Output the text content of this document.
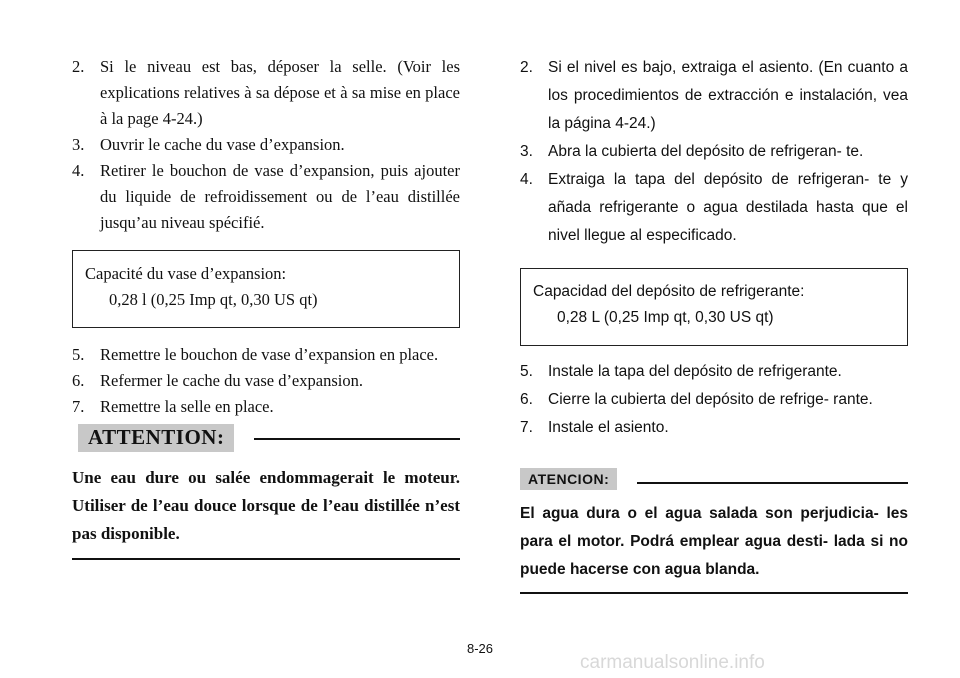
2. Si le niveau est bas, déposer la selle. (Voir les explications relatives à sa dépose et à sa mise en place à la page 4-24.)
3. Ouvrir le cache du vase d’expansion.
4. Retirer le bouchon de vase d’expansion, puis ajouter du liquide de refroidissement ou de l’eau distillée jusqu’au niveau spécifié.
Capacité du vase d’expansion:
0,28 l (0,25 Imp qt, 0,30 US qt)
5. Remettre le bouchon de vase d’expansion en place.
6. Refermer le cache du vase d’expansion.
7. Remettre la selle en place.
ATTENTION:
Une eau dure ou salée endommagerait le moteur. Utiliser de l’eau douce lorsque de l’eau distillée n’est pas disponible.
2. Si el nivel es bajo, extraiga el asiento. (En cuanto a los procedimientos de extracción e instalación, vea la página 4-24.)
3. Abra la cubierta del depósito de refrigeran- te.
4. Extraiga la tapa del depósito de refrigeran- te y añada refrigerante o agua destilada hasta que el nivel llegue al especificado.
Capacidad del depósito de refrigerante:
0,28 L (0,25 Imp qt, 0,30 US qt)
5. Instale la tapa del depósito de refrigerante.
6. Cierre la cubierta del depósito de refrige- rante.
7. Instale el asiento.
ATENCION:
El agua dura o el agua salada son perjudicia- les para el motor. Podrá emplear agua desti- lada si no puede hacerse con agua blanda.
8-26
carmanualsonline.info
